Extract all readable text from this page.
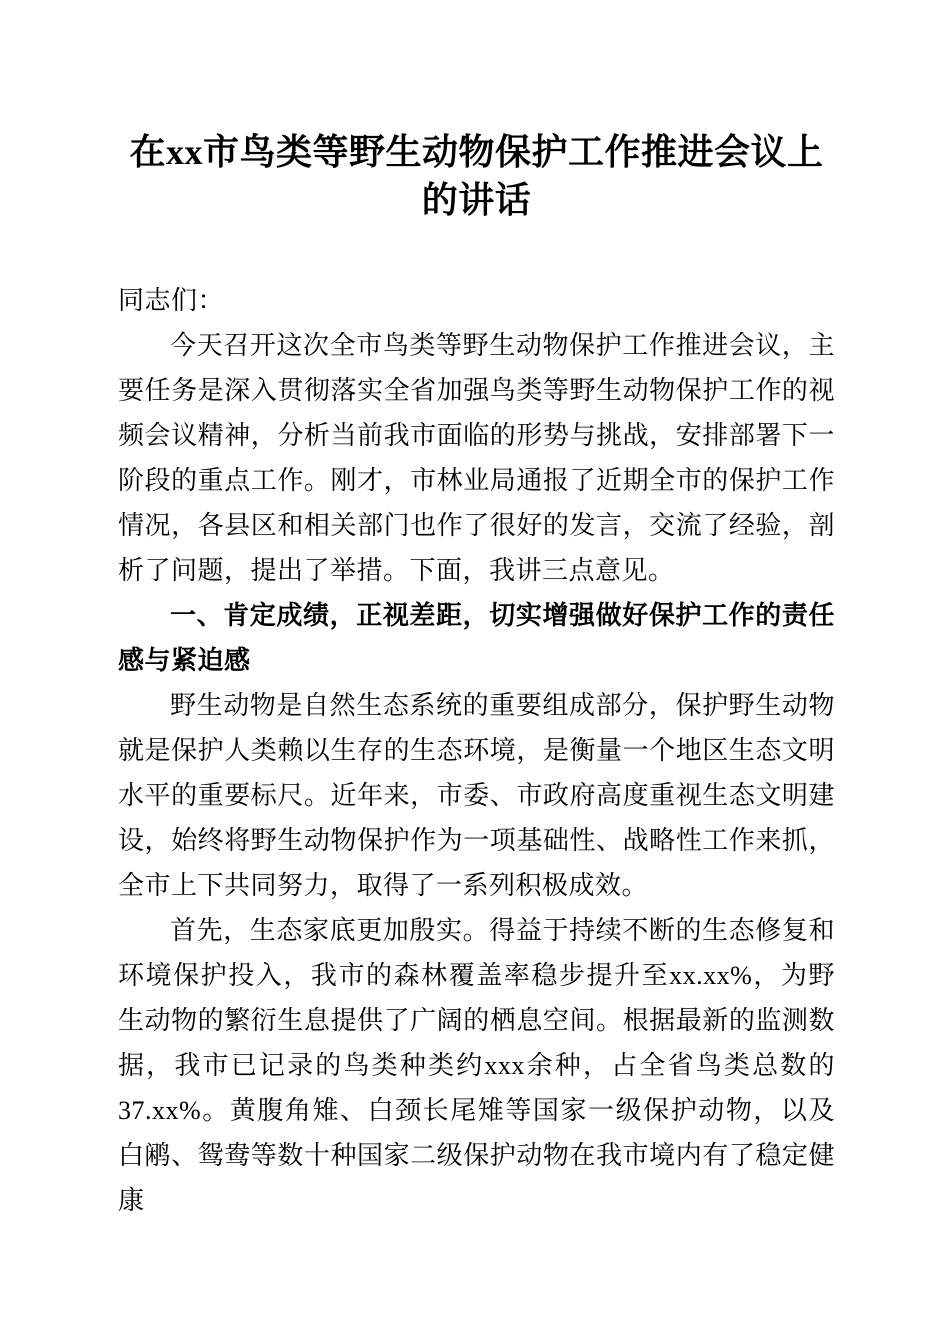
在xx市鸟类等野生动物保护工作推进会议上的讲话

同志们：

今天召开这次全市鸟类等野生动物保护工作推进会议，主要任务是深入贯彻落实全省加强鸟类等野生动物保护工作的视频会议精神，分析当前我市面临的形势与挑战，安排部署下一阶段的重点工作。刚才，市林业局通报了近期全市的保护工作情况，各县区和相关部门也作了很好的发言，交流了经验，剖析了问题，提出了举措。下面，我讲三点意见。

一、肯定成绩，正视差距，切实增强做好保护工作的责任感与紧迫感

野生动物是自然生态系统的重要组成部分，保护野生动物就是保护人类赖以生存的生态环境，是衡量一个地区生态文明水平的重要标尺。近年来，市委、市政府高度重视生态文明建设，始终将野生动物保护作为一项基础性、战略性工作来抓，全市上下共同努力，取得了一系列积极成效。

首先，生态家底更加殷实。得益于持续不断的生态修复和环境保护投入，我市的森林覆盖率稳步提升至xx.xx%，为野生动物的繁衍生息提供了广阔的栖息空间。根据最新的监测数据，我市已记录的鸟类种类约xxx余种，占全省鸟类总数的37.xx%。黄腹角雉、白颈长尾雉等国家一级保护动物，以及白鹇、鸳鸯等数十种国家二级保护动物在我市境内有了稳定健康
